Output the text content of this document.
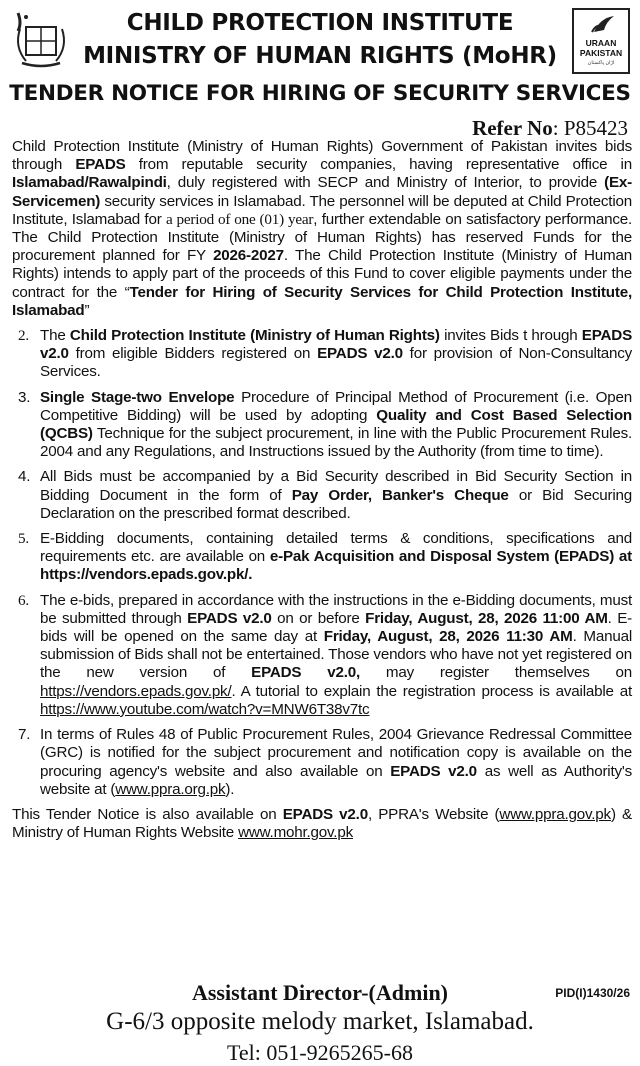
CHILD PROTECTION INSTITUTE
MINISTRY OF HUMAN RIGHTS (MoHR)
TENDER NOTICE FOR HIRING OF SECURITY SERVICES
URAAN
PAKISTAN
اڑان پاکستان
Refer No: P85423

Child Protection Institute (Ministry of Human Rights) Government of Pakistan invites bids through EPADS from reputable security companies, having representative office in Islamabad/Rawalpindi, duly registered with SECP and Ministry of Interior, to provide (Ex-Servicemen) security services in Islamabad. The personnel will be deputed at Child Protection Institute, Islamabad for a period of one (01) year, further extendable on satisfactory performance. The Child Protection Institute (Ministry of Human Rights) has reserved Funds for the procurement planned for FY 2026-2027. The Child Protection Institute (Ministry of Human Rights) intends to apply part of the proceeds of this Fund to cover eligible payments under the contract for the “Tender for Hiring of Security Services for Child Protection Institute, Islamabad”

2. The Child Protection Institute (Ministry of Human Rights) invites Bids t hrough EPADS v2.0 from eligible Bidders registered on EPADS v2.0 for provision of Non-Consultancy Services.
3. Single Stage-two Envelope Procedure of Principal Method of Procurement (i.e. Open Competitive Bidding) will be used by adopting Quality and Cost Based Selection (QCBS) Technique for the subject procurement, in line with the Public Procurement Rules. 2004 and any Regulations, and Instructions issued by the Authority (from time to time).
4. All Bids must be accompanied by a Bid Security described in Bid Security Section in Bidding Document in the form of Pay Order, Banker's Cheque or Bid Securing Declaration on the prescribed format described.
5. E-Bidding documents, containing detailed terms & conditions, specifications and requirements etc. are available on e-Pak Acquisition and Disposal System (EPADS) at https://vendors.epads.gov.pk/.
6. The e-bids, prepared in accordance with the instructions in the e-Bidding documents, must be submitted through EPADS v2.0 on or before Friday, August, 28, 2026 11:00 AM. E-bids will be opened on the same day at Friday, August, 28, 2026 11:30 AM. Manual submission of Bids shall not be entertained. Those vendors who have not yet registered on the new version of EPADS v2.0, may register themselves on https://vendors.epads.gov.pk/. A tutorial to explain the registration process is available at https://www.youtube.com/watch?v=MNW6T38v7tc
7. In terms of Rules 48 of Public Procurement Rules, 2004 Grievance Redressal Committee (GRC) is notified for the subject procurement and notification copy is available on the procuring agency's website and also available on EPADS v2.0 as well as Authority's website at (www.ppra.org.pk).

This Tender Notice is also available on EPADS v2.0, PPRA's Website (www.ppra.gov.pk) & Ministry of Human Rights Website www.mohr.gov.pk

PID(I)1430/26
Assistant Director-(Admin)
G-6/3 opposite melody market, Islamabad.
Tel: 051-9265265-68
